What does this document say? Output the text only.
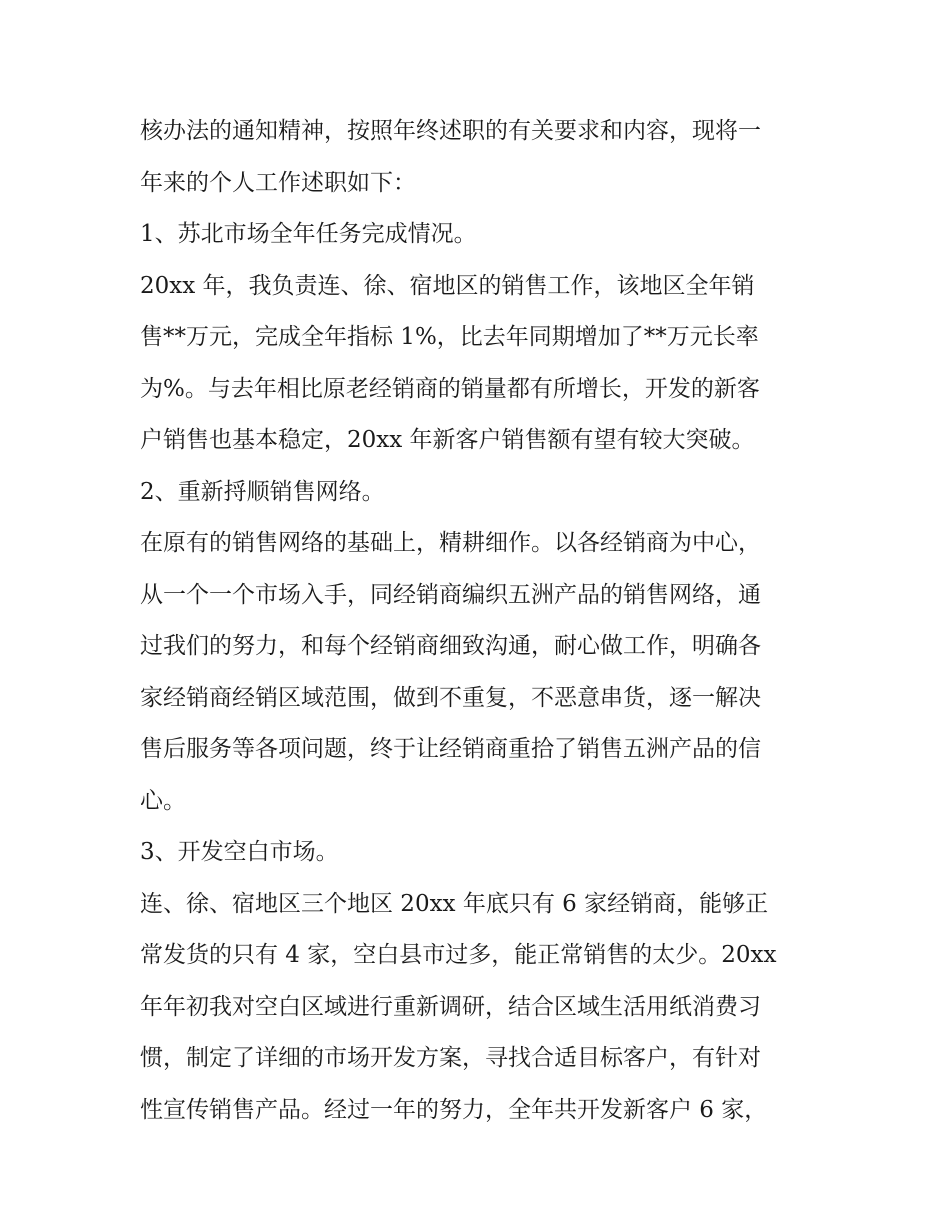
核办法的通知精神，按照年终述职的有关要求和内容，现将一

年来的个人工作述职如下：

1、苏北市场全年任务完成情况。

20xx 年，我负责连、徐、宿地区的销售工作，该地区全年销

售**万元，完成全年指标 1%，比去年同期增加了**万元长率

为%。与去年相比原老经销商的销量都有所增长，开发的新客

户销售也基本稳定，20xx 年新客户销售额有望有较大突破。

2、重新捋顺销售网络。

在原有的销售网络的基础上，精耕细作。以各经销商为中心，

从一个一个市场入手，同经销商编织五洲产品的销售网络，通

过我们的努力，和每个经销商细致沟通，耐心做工作，明确各

家经销商经销区域范围，做到不重复，不恶意串货，逐一解决

售后服务等各项问题，终于让经销商重拾了销售五洲产品的信

心。

3、开发空白市场。

连、徐、宿地区三个地区 20xx 年底只有 6 家经销商，能够正

常发货的只有 4 家，空白县市过多，能正常销售的太少。20xx

年年初我对空白区域进行重新调研，结合区域生活用纸消费习

惯，制定了详细的市场开发方案，寻找合适目标客户，有针对

性宣传销售产品。经过一年的努力，全年共开发新客户 6 家，
